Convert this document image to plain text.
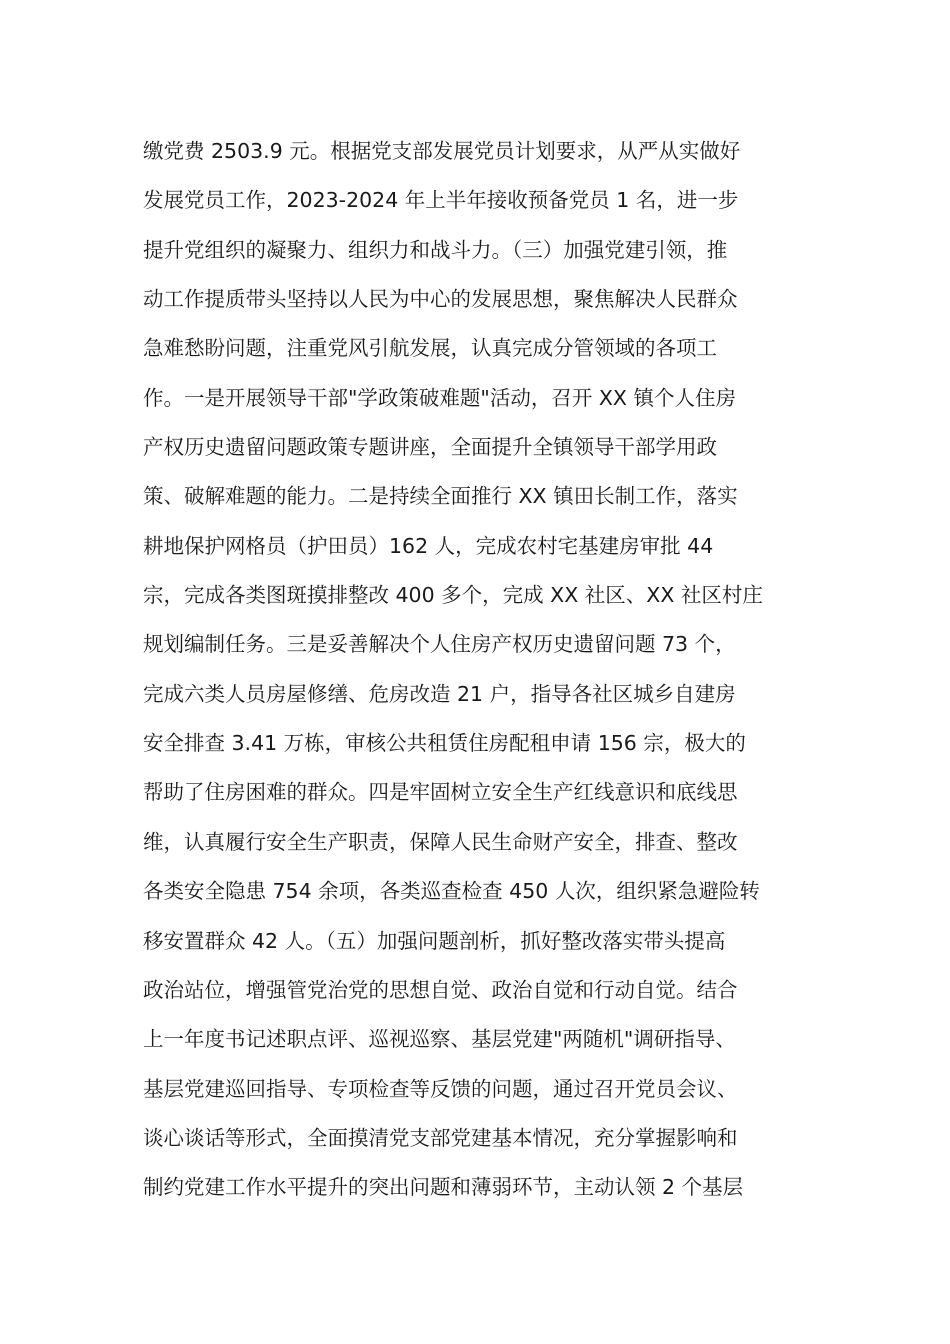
缴党费 2503.9 元。根据党支部发展党员计划要求，从严从实做好
发展党员工作，2023-2024 年上半年接收预备党员 1 名，进一步
提升党组织的凝聚力、组织力和战斗力。（三）加强党建引领，推
动工作提质带头坚持以人民为中心的发展思想，聚焦解决人民群众
急难愁盼问题，注重党风引航发展，认真完成分管领域的各项工
作。一是开展领导干部"学政策破难题"活动，召开 XX 镇个人住房
产权历史遗留问题政策专题讲座，全面提升全镇领导干部学用政
策、破解难题的能力。二是持续全面推行 XX 镇田长制工作，落实
耕地保护网格员（护田员）162 人，完成农村宅基建房审批 44
宗，完成各类图斑摸排整改 400 多个，完成 XX 社区、XX 社区村庄
规划编制任务。三是妥善解决个人住房产权历史遗留问题 73 个，
完成六类人员房屋修缮、危房改造 21 户，指导各社区城乡自建房
安全排查 3.41 万栋，审核公共租赁住房配租申请 156 宗，极大的
帮助了住房困难的群众。四是牢固树立安全生产红线意识和底线思
维，认真履行安全生产职责，保障人民生命财产安全，排查、整改
各类安全隐患 754 余项，各类巡查检查 450 人次，组织紧急避险转
移安置群众 42 人。（五）加强问题剖析，抓好整改落实带头提高
政治站位，增强管党治党的思想自觉、政治自觉和行动自觉。结合
上一年度书记述职点评、巡视巡察、基层党建"两随机"调研指导、
基层党建巡回指导、专项检查等反馈的问题，通过召开党员会议、
谈心谈话等形式，全面摸清党支部党建基本情况，充分掌握影响和
制约党建工作水平提升的突出问题和薄弱环节，主动认领 2 个基层
